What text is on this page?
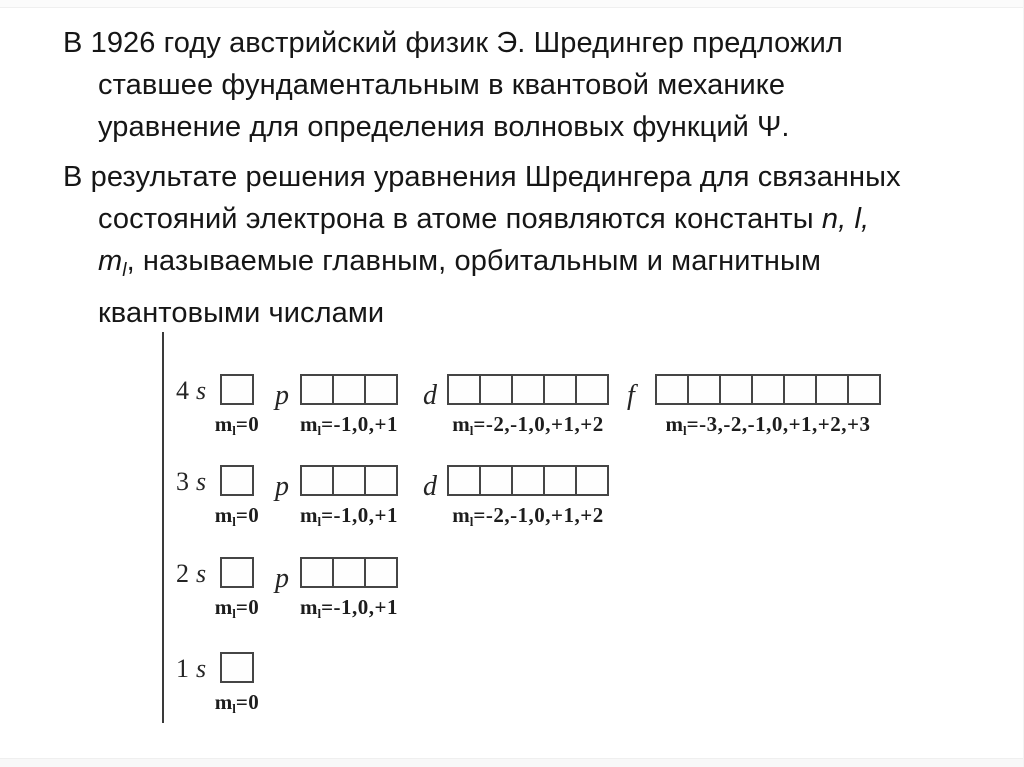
В 1926 году австрийский физик Э. Шредингер предложил
ставшее фундаментальным в квантовой механике
уравнение для определения волновых функций Ψ.
В результате решения уравнения Шредингера для связанных
состояний электрона в атоме появляются константы n, l,
$m_l$, называемые главным, орбитальным и магнитным
квантовыми числами
4 s
ml=0
p
ml=-1,0,+1
d
ml=-2,-1,0,+1,+2
f
ml=-3,-2,-1,0,+1,+2,+3
3 s
ml=0
p
ml=-1,0,+1
d
ml=-2,-1,0,+1,+2
2 s
ml=0
p
ml=-1,0,+1
1 s
ml=0
